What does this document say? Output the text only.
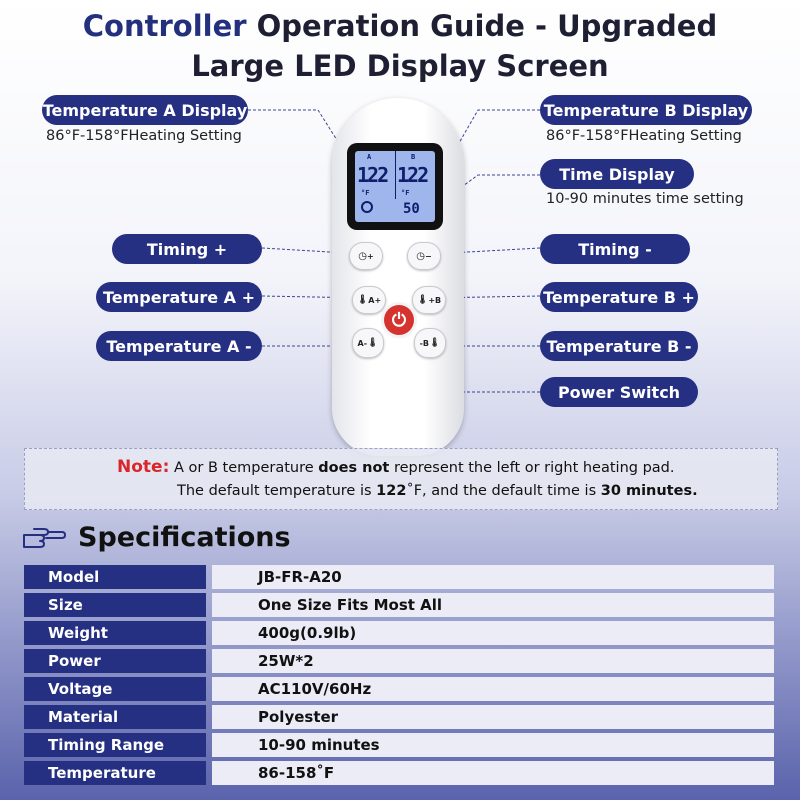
Controller Operation Guide - Upgraded
Large LED Display Screen
Temperature A Display
86°F-158°FHeating Setting
Timing +
Temperature A +
Temperature A -
Temperature B Display
86°F-158°FHeating Setting
Time Display
10-90 minutes time setting
Timing -
Temperature B +
Temperature B -
Power Switch
A	B
122 122
°F	°F
50
◷ +	◷ −
🌡 A+	🌡 +B
A- 🌡	-B 🌡
⏻
Note: A or B temperature does not represent the left or right heating pad.
The default temperature is 122˚F, and the default time is 30 minutes.
Specifications
Model	JB-FR-A20
Size	One Size Fits Most All
Weight	400g(0.9lb)
Power	25W*2
Voltage	AC110V/60Hz
Material	Polyester
Timing Range	10-90 minutes
Temperature	86-158˚F
